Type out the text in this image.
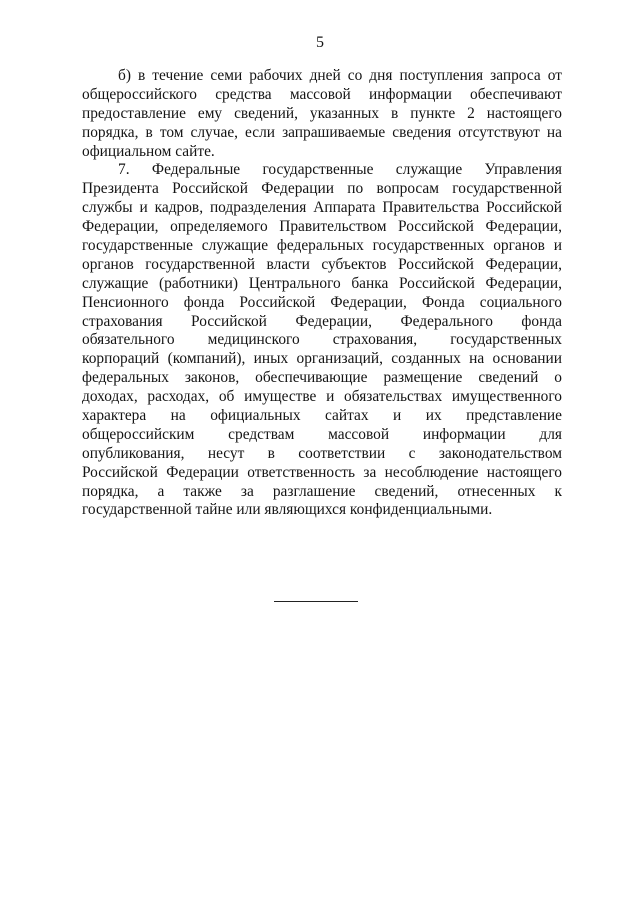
5
б) в течение семи рабочих дней со дня поступления запроса от
общероссийского средства массовой информации обеспечивают
предоставление ему сведений, указанных в пункте 2 настоящего
порядка, в том случае, если запрашиваемые сведения отсутствуют на
официальном сайте.
7. Федеральные государственные служащие Управления
Президента Российской Федерации по вопросам государственной
службы и кадров, подразделения Аппарата Правительства Российской
Федерации, определяемого Правительством Российской Федерации,
государственные служащие федеральных государственных органов и
органов государственной власти субъектов Российской Федерации,
служащие (работники) Центрального банка Российской Федерации,
Пенсионного фонда Российской Федерации, Фонда социального
страхования Российской Федерации, Федерального фонда
обязательного медицинского страхования, государственных
корпораций (компаний), иных организаций, созданных на основании
федеральных законов, обеспечивающие размещение сведений о
доходах, расходах, об имуществе и обязательствах имущественного
характера на официальных сайтах и их представление
общероссийским средствам массовой информации для
опубликования, несут в соответствии с законодательством
Российской Федерации ответственность за несоблюдение настоящего
порядка, а также за разглашение сведений, отнесенных к
государственной тайне или являющихся конфиденциальными.
